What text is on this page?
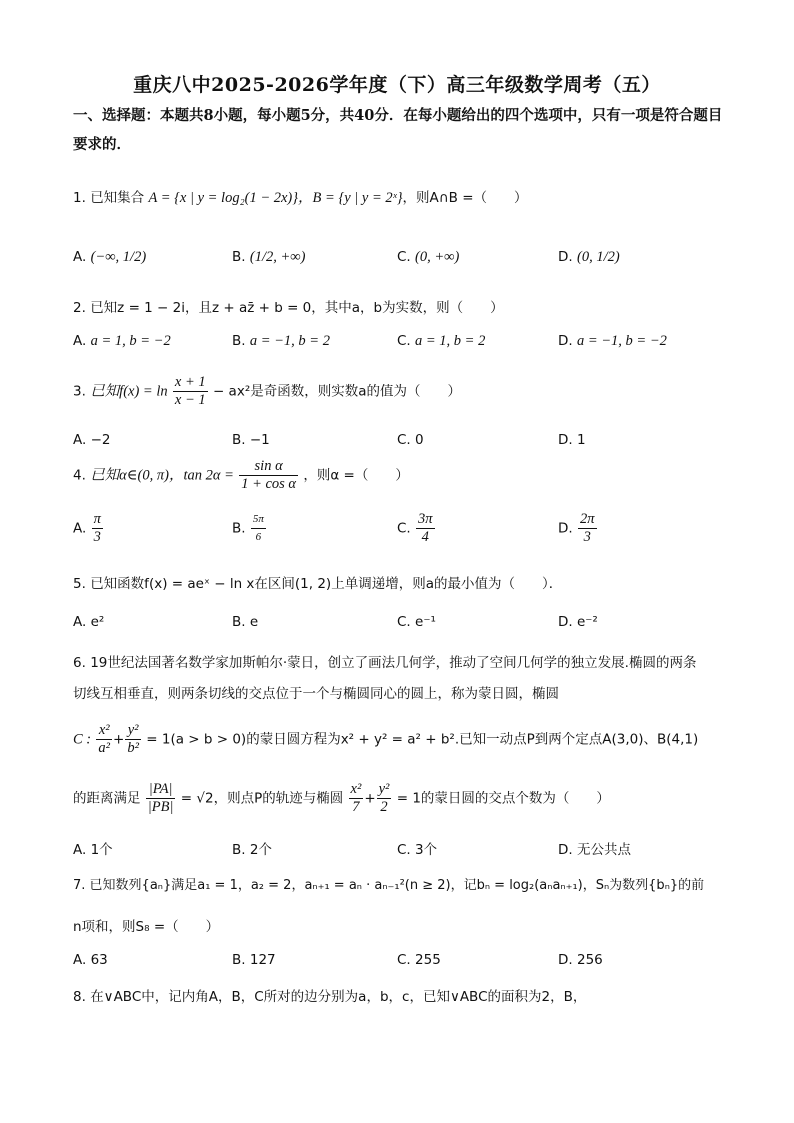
重庆八中2025-2026学年度（下）高三年级数学周考（五）
一、选择题：本题共8小题，每小题5分，共40分．在每小题给出的四个选项中，只有一项是符合题目要求的．
1. 已知集合 A = {x | y = log₂(1 − 2x)}，B = {y | y = 2ˣ}，则A∩B =（　　）
A. (−∞, 1/2)	B. (1/2, +∞)	C. (0, +∞)	D. (0, 1/2)
2. 已知z = 1 − 2i，且z + az̄ + b = 0，其中a，b为实数，则（　　）
A. a = 1, b = −2	B. a = −1, b = 2	C. a = 1, b = 2	D. a = −1, b = −2
3. 已知$f(x) = \ln \frac{x + 1}{x - 1} - ax^2$是奇函数，则实数a的值为（　　）
A. −2	B. −1	C. 0	D. 1
4. 已知α∈(0, π)，$\tan 2\alpha = \frac{\text{sin α}}{\text{1 + cos α}}$ ，则α =（　　）
A. $\frac{\pi}{3}$	B. $\frac{5\pi}{6}$	C. $\frac{3\pi}{4}$	D. $\frac{2\pi}{3}$
5. 已知函数f(x) = aeˣ − ln x在区间(1, 2)上单调递增，则a的最小值为（　　）．
A. e²	B. e	C. e⁻¹	D. e⁻²
6. 19世纪法国著名数学家加斯帕尔·蒙日，创立了画法几何学，推动了空间几何学的独立发展.椭圆的两条
切线互相垂直，则两条切线的交点位于一个与椭圆同心的圆上，称为蒙日圆，椭圆
C : $\frac{\text{x²}}{\text{a²}} + \frac{\text{y²}}{\text{b²}} = 1(a > b > 0)$的蒙日圆方程为x² + y² = a² + b².已知一动点P到两个定点A(3,0)、B(4,1)
的距离满足 $\frac{|PA|}{|PB|} = √2$，则点P的轨迹与椭圆 $\frac{\text{x²}}{7} + \frac{\text{y²}}{2} = 1$的蒙日圆的交点个数为（　　）
A. 1个	B. 2个	C. 3个	D. 无公共点
7. 已知数列{aₙ}满足a₁ = 1，a₂ = 2，aₙ₊₁ = aₙ · aₙ₋₁²(n ≥ 2)，记bₙ = log₂(aₙaₙ₊₁)，Sₙ为数列{bₙ}的前
n项和，则S₈ =（　　）
A. 63	B. 127	C. 255	D. 256
8. 在∨ABC中，记内角A，B，C所对的边分别为a，b，c，已知∨ABC的面积为2，B，
